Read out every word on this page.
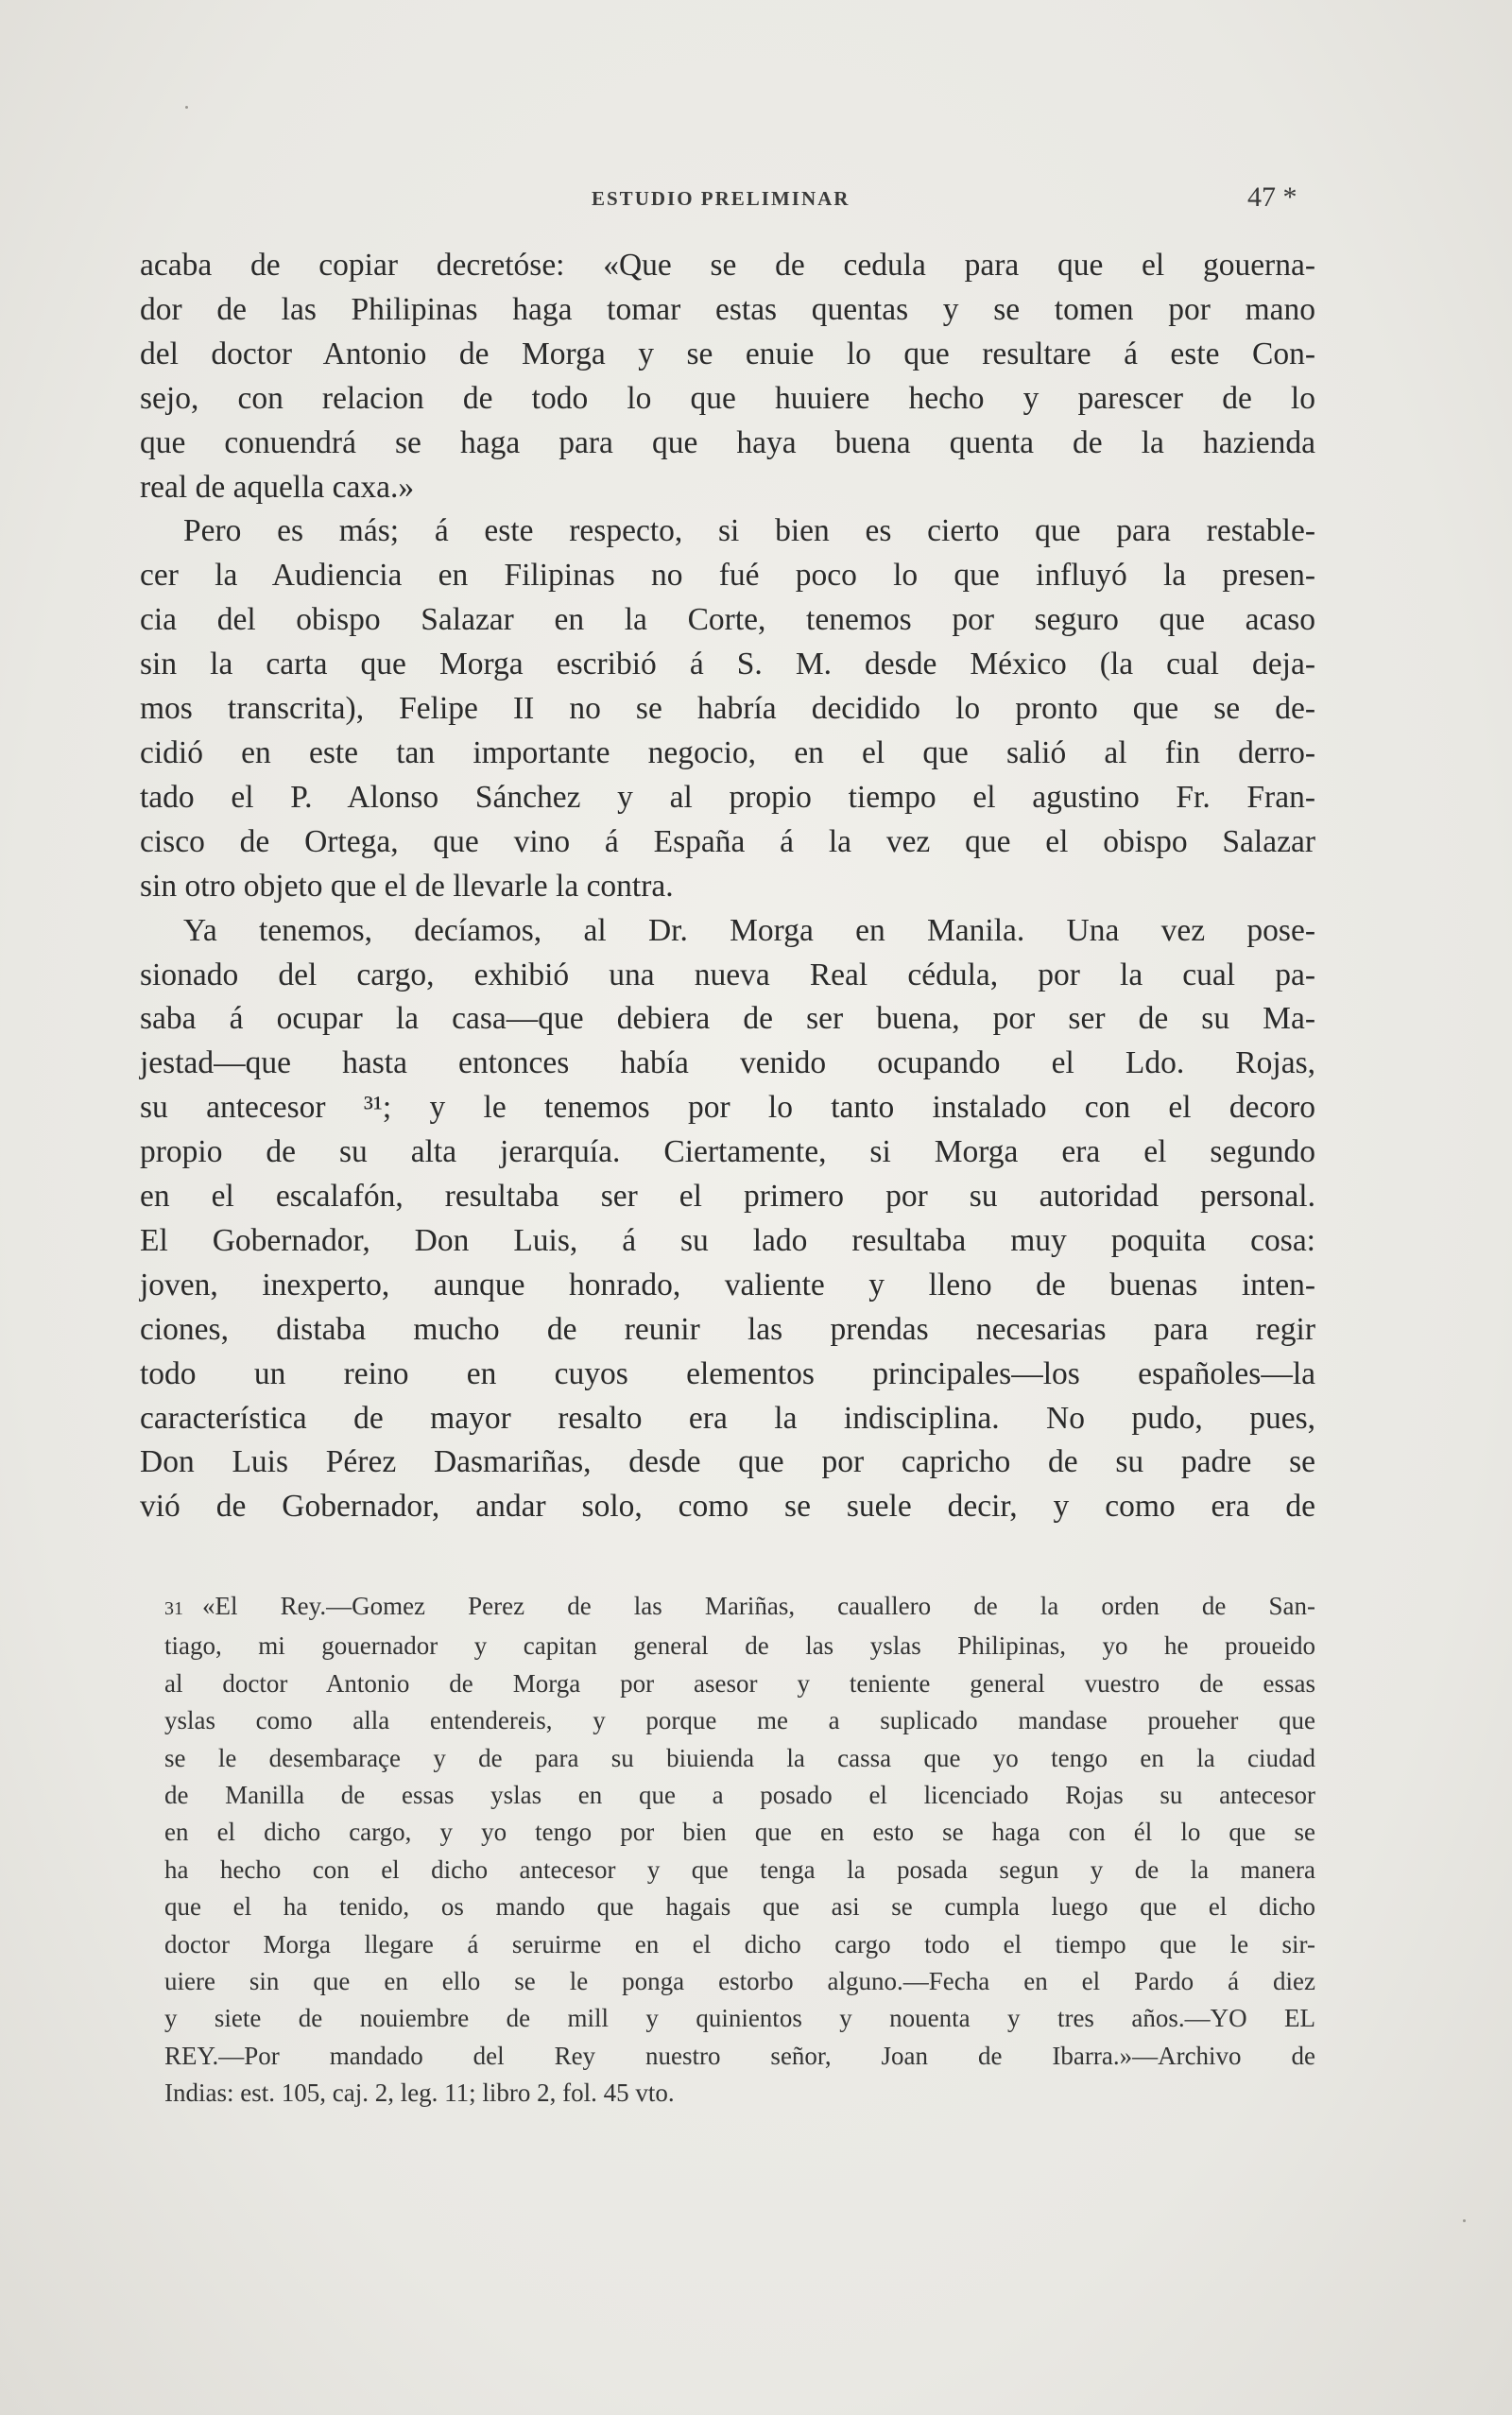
ESTUDIO PRELIMINAR	47 *
acaba de copiar decretóse: «Que se de cedula para que el gouerna-
dor de las Philipinas haga tomar estas quentas y se tomen por mano
del doctor Antonio de Morga y se enuie lo que resultare á este Con-
sejo, con relacion de todo lo que huuiere hecho y parescer de lo
que conuendrá se haga para que haya buena quenta de la hazienda
real de aquella caxa.»
Pero es más; á este respecto, si bien es cierto que para restable-
cer la Audiencia en Filipinas no fué poco lo que influyó la presen-
cia del obispo Salazar en la Corte, tenemos por seguro que acaso
sin la carta que Morga escribió á S. M. desde México (la cual deja-
mos transcrita), Felipe II no se habría decidido lo pronto que se de-
cidió en este tan importante negocio, en el que salió al fin derro-
tado el P. Alonso Sánchez y al propio tiempo el agustino Fr. Fran-
cisco de Ortega, que vino á España á la vez que el obispo Salazar
sin otro objeto que el de llevarle la contra.
Ya tenemos, decíamos, al Dr. Morga en Manila. Una vez pose-
sionado del cargo, exhibió una nueva Real cédula, por la cual pa-
saba á ocupar la casa—que debiera de ser buena, por ser de su Ma-
jestad—que hasta entonces había venido ocupando el Ldo. Rojas,
su antecesor ³¹; y le tenemos por lo tanto instalado con el decoro
propio de su alta jerarquía. Ciertamente, si Morga era el segundo
en el escalafón, resultaba ser el primero por su autoridad personal.
El Gobernador, Don Luis, á su lado resultaba muy poquita cosa:
joven, inexperto, aunque honrado, valiente y lleno de buenas inten-
ciones, distaba mucho de reunir las prendas necesarias para regir
todo un reino en cuyos elementos principales—los españoles—la
característica de mayor resalto era la indisciplina. No pudo, pues,
Don Luis Pérez Dasmariñas, desde que por capricho de su padre se
vió de Gobernador, andar solo, como se suele decir, y como era de
31 «El Rey.—Gomez Perez de las Mariñas, cauallero de la orden de San-
tiago, mi gouernador y capitan general de las yslas Philipinas, yo he proueido
al doctor Antonio de Morga por asesor y teniente general vuestro de essas
yslas como alla entendereis, y porque me a suplicado mandase proueher que
se le desembaraçe y de para su biuienda la cassa que yo tengo en la ciudad
de Manilla de essas yslas en que a posado el licenciado Rojas su antecesor
en el dicho cargo, y yo tengo por bien que en esto se haga con él lo que se
ha hecho con el dicho antecesor y que tenga la posada segun y de la manera
que el ha tenido, os mando que hagais que asi se cumpla luego que el dicho
doctor Morga llegare á seruirme en el dicho cargo todo el tiempo que le sir-
uiere sin que en ello se le ponga estorbo alguno.—Fecha en el Pardo á diez
y siete de nouiembre de mill y quinientos y nouenta y tres años.—YO EL
REY.—Por mandado del Rey nuestro señor, Joan de Ibarra.»—Archivo de
Indias: est. 105, caj. 2, leg. 11; libro 2, fol. 45 vto.
